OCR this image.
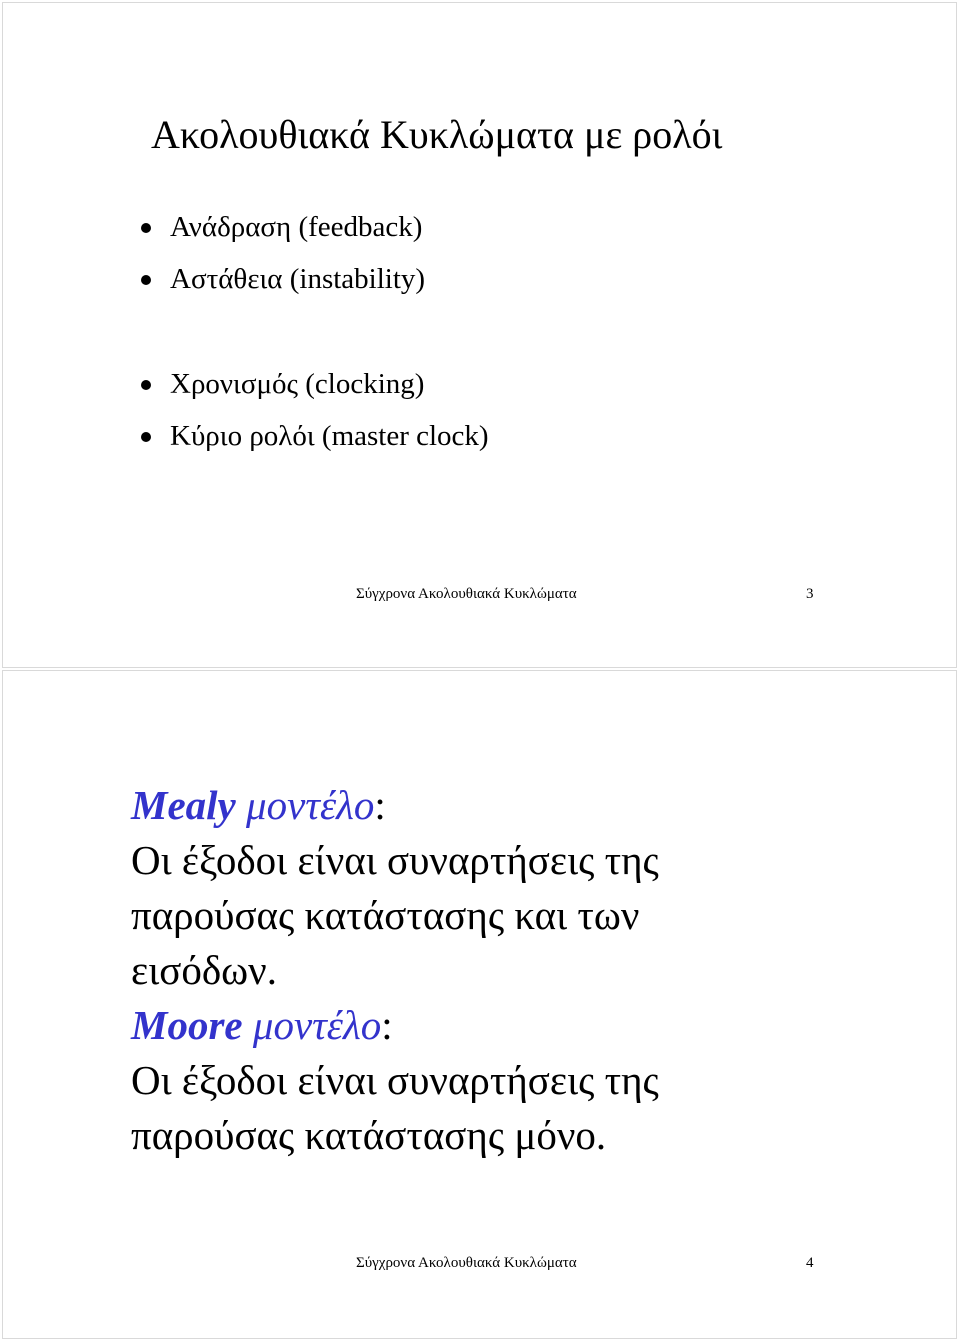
Ακολουθιακά Κυκλώματα με ρολόι
Ανάδραση (feedback)
Αστάθεια (instability)
Χρονισμός (clocking)
Κύριο ρολόι (master clock)
Σύγχρονα Ακολουθιακά Κυκλώματα	3

Mealy μοντέλο:

Οι έξοδοι είναι συναρτήσεις της

παρούσας κατάστασης και των

εισόδων.

Moore μοντέλο:

Οι έξοδοι είναι συναρτήσεις της

παρούσας κατάστασης μόνο.

Σύγχρονα Ακολουθιακά Κυκλώματα	4
